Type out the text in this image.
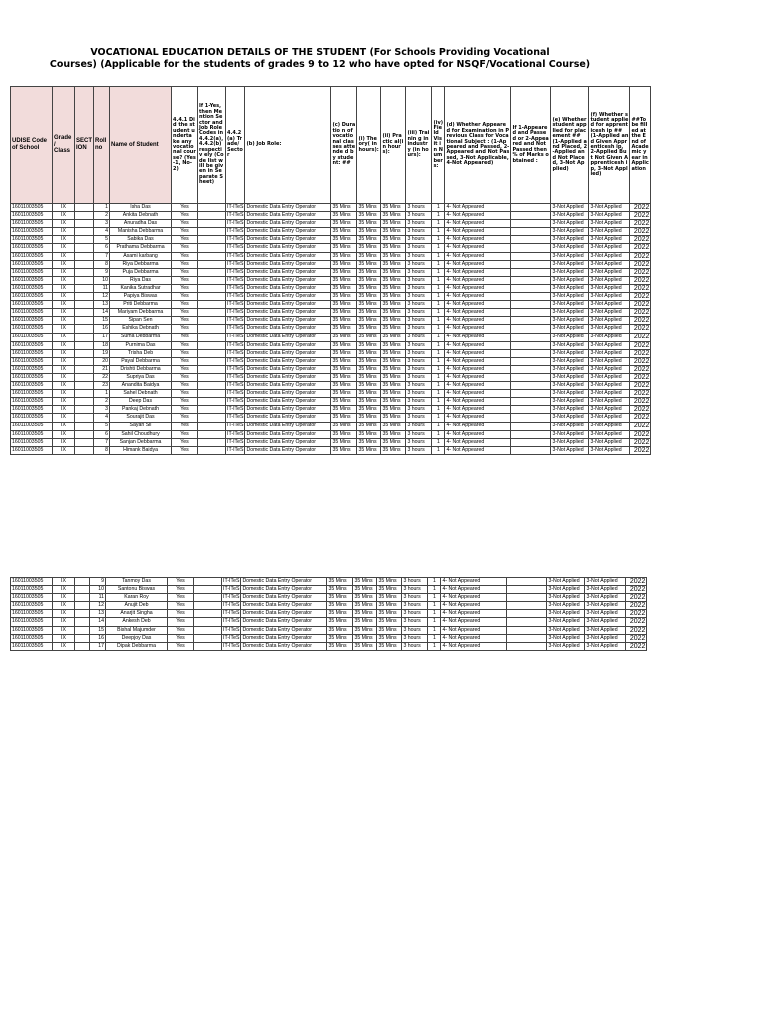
VOCATIONAL EDUCATION DETAILS OF THE STUDENT (For Schools Providing Vocational
Courses) (Applicable for the students of grades 9 to 12 who have opted for NSQF/Vocational Course)
UDISE Code of School	Grade / Class	SECT ION	Roll no	Name of Student	4.4.1 Did the student underta ke any vocatio nal course? (Yes-1, No-2)	If 1-Yes, then Mention Sector and Job Role Codes in 4.4.2(a), 4.4.2(b) respectiv ely (Code list will be given in Separate Sheet)	4.4.2 (a) Trade/ Sector	(b) Job Role:	(c) Duratio n of vocatio nal classes attende d by student: ##	(i) Theory( in hours):	(ii) Practic al(in hours):	(iii) Trainin g in industr y (in hours):	(iv) Field Visit in Num bers:	(d) Whether Appeared for Examination in Previous Class for Vocational Subject : (1-Appeared and Passed, 2-Appeared and Not Passed, 3-Not Applicable, 4-Not Appeared)	If 1-Appeared and Passed or 2-Appeared and Not Passed then % of Marks obtained :	(e) Whether student applied for placement ## (1-Applied and Placed, 2-Applied and Not Placed, 3-Not Applied)	(f) Whether student applied for apprenticesh ip ## (1-Applied and Given Apprenticesh ip, 2-Applied But Not Given Apprenticesh ip, 3-Not Applied)	##To be filled at the End of Academic year in Application
16011003505	IX		1	Isha Das	Yes		IT-ITeS	Domestic Data Entry Operator	35 Mins	35 Mins	35 Mins	3 hours	1	4- Not Appeared		3-Not Applied	3-Not Applied	2022
16011003505	IX		2	Ankita Debnath	Yes		IT-ITeS	Domestic Data Entry Operator	35 Mins	35 Mins	35 Mins	3 hours	1	4- Not Appeared		3-Not Applied	3-Not Applied	2022
16011003505	IX		3	Anuradha Das	Yes		IT-ITeS	Domestic Data Entry Operator	35 Mins	35 Mins	35 Mins	3 hours	1	4- Not Appeared		3-Not Applied	3-Not Applied	2022
16011003505	IX		4	Manisha Debbarma	Yes		IT-ITeS	Domestic Data Entry Operator	35 Mins	35 Mins	35 Mins	3 hours	1	4- Not Appeared		3-Not Applied	3-Not Applied	2022
16011003505	IX		5	Sabika Das	Yes		IT-ITeS	Domestic Data Entry Operator	35 Mins	35 Mins	35 Mins	3 hours	1	4- Not Appeared		3-Not Applied	3-Not Applied	2022
16011003505	IX		6	Prathama Debbarma	Yes		IT-ITeS	Domestic Data Entry Operator	35 Mins	35 Mins	35 Mins	3 hours	1	4- Not Appeared		3-Not Applied	3-Not Applied	2022
16011003505	IX		7	Asami karbang	Yes		IT-ITeS	Domestic Data Entry Operator	35 Mins	35 Mins	35 Mins	3 hours	1	4- Not Appeared		3-Not Applied	3-Not Applied	2022
16011003505	IX		8	Riya Debbarma	Yes		IT-ITeS	Domestic Data Entry Operator	35 Mins	35 Mins	35 Mins	3 hours	1	4- Not Appeared		3-Not Applied	3-Not Applied	2022
16011003505	IX		9	Puja Debbarma	Yes		IT-ITeS	Domestic Data Entry Operator	35 Mins	35 Mins	35 Mins	3 hours	1	4- Not Appeared		3-Not Applied	3-Not Applied	2022
16011003505	IX		10	Riya Das	Yes		IT-ITeS	Domestic Data Entry Operator	35 Mins	35 Mins	35 Mins	3 hours	1	4- Not Appeared		3-Not Applied	3-Not Applied	2022
16011003505	IX		11	Kanika Sutradhar	Yes		IT-ITeS	Domestic Data Entry Operator	35 Mins	35 Mins	35 Mins	3 hours	1	4- Not Appeared		3-Not Applied	3-Not Applied	2022
16011003505	IX		12	Papiya Biswas	Yes		IT-ITeS	Domestic Data Entry Operator	35 Mins	35 Mins	35 Mins	3 hours	1	4- Not Appeared		3-Not Applied	3-Not Applied	2022
16011003505	IX		13	Priti Debbarma	Yes		IT-ITeS	Domestic Data Entry Operator	35 Mins	35 Mins	35 Mins	3 hours	1	4- Not Appeared		3-Not Applied	3-Not Applied	2022
16011003505	IX		14	Mariyam Debbarma	Yes		IT-ITeS	Domestic Data Entry Operator	35 Mins	35 Mins	35 Mins	3 hours	1	4- Not Appeared		3-Not Applied	3-Not Applied	2022
16011003505	IX		15	Sipan Sen	Yes		IT-ITeS	Domestic Data Entry Operator	35 Mins	35 Mins	35 Mins	3 hours	1	4- Not Appeared		3-Not Applied	3-Not Applied	2022
16011003505	IX		16	Eshika Debnath	Yes		IT-ITeS	Domestic Data Entry Operator	35 Mins	35 Mins	35 Mins	3 hours	1	4- Not Appeared		3-Not Applied	3-Not Applied	2022
16011003505	IX		17	Suma Debbarma	Yes		IT-ITeS	Domestic Data Entry Operator	35 Mins	35 Mins	35 Mins	3 hours	1	4- Not Appeared		3-Not Applied	3-Not Applied	2022
16011003505	IX		18	Purnima Das	Yes		IT-ITeS	Domestic Data Entry Operator	35 Mins	35 Mins	35 Mins	3 hours	1	4- Not Appeared		3-Not Applied	3-Not Applied	2022
16011003505	IX		19	Trisha Deb	Yes		IT-ITeS	Domestic Data Entry Operator	35 Mins	35 Mins	35 Mins	3 hours	1	4- Not Appeared		3-Not Applied	3-Not Applied	2022
16011003505	IX		20	Payal Debbarma	Yes		IT-ITeS	Domestic Data Entry Operator	35 Mins	35 Mins	35 Mins	3 hours	1	4- Not Appeared		3-Not Applied	3-Not Applied	2022
16011003505	IX		21	Drishti Debbarma	Yes		IT-ITeS	Domestic Data Entry Operator	35 Mins	35 Mins	35 Mins	3 hours	1	4- Not Appeared		3-Not Applied	3-Not Applied	2022
16011003505	IX		22	Supriya Das	Yes		IT-ITeS	Domestic Data Entry Operator	35 Mins	35 Mins	35 Mins	3 hours	1	4- Not Appeared		3-Not Applied	3-Not Applied	2022
16011003505	IX		23	Anandita Baidya	Yes		IT-ITeS	Domestic Data Entry Operator	35 Mins	35 Mins	35 Mins	3 hours	1	4- Not Appeared		3-Not Applied	3-Not Applied	2022
16011003505	IX		1	Sahel Debnath	Yes		IT-ITeS	Domestic Data Entry Operator	35 Mins	35 Mins	35 Mins	3 hours	1	4- Not Appeared		3-Not Applied	3-Not Applied	2022
16011003505	IX		2	Deep Das	Yes		IT-ITeS	Domestic Data Entry Operator	35 Mins	35 Mins	35 Mins	3 hours	1	4- Not Appeared		3-Not Applied	3-Not Applied	2022
16011003505	IX		3	Pankaj Debnath	Yes		IT-ITeS	Domestic Data Entry Operator	35 Mins	35 Mins	35 Mins	3 hours	1	4- Not Appeared		3-Not Applied	3-Not Applied	2022
16011003505	IX		4	Sourajit Das	Yes		IT-ITeS	Domestic Data Entry Operator	35 Mins	35 Mins	35 Mins	3 hours	1	4- Not Appeared		3-Not Applied	3-Not Applied	2022
16011003505	IX		5	Sayan Sil	Yes		IT-ITeS	Domestic Data Entry Operator	35 Mins	35 Mins	35 Mins	3 hours	1	4- Not Appeared		3-Not Applied	3-Not Applied	2022
16011003505	IX		6	Sahil Choudhury	Yes		IT-ITeS	Domestic Data Entry Operator	35 Mins	35 Mins	35 Mins	3 hours	1	4- Not Appeared		3-Not Applied	3-Not Applied	2022
16011003505	IX		7	Sanjan Debbarma	Yes		IT-ITeS	Domestic Data Entry Operator	35 Mins	35 Mins	35 Mins	3 hours	1	4- Not Appeared		3-Not Applied	3-Not Applied	2022
16011003505	IX		8	Himank Baidya	Yes		IT-ITeS	Domestic Data Entry Operator	35 Mins	35 Mins	35 Mins	3 hours	1	4- Not Appeared		3-Not Applied	3-Not Applied	2022
16011003505	IX		9	Tanmoy Das	Yes		IT-ITeS	Domestic Data Entry Operator	35 Mins	35 Mins	35 Mins	3 hours	1	4- Not Appeared		3-Not Applied	3-Not Applied	2022
16011003505	IX		10	Santonu Biswas	Yes		IT-ITeS	Domestic Data Entry Operator	35 Mins	35 Mins	35 Mins	3 hours	1	4- Not Appeared		3-Not Applied	3-Not Applied	2022
16011003505	IX		11	Karan Roy	Yes		IT-ITeS	Domestic Data Entry Operator	35 Mins	35 Mins	35 Mins	3 hours	1	4- Not Appeared		3-Not Applied	3-Not Applied	2022
16011003505	IX		12	Anujit Deb	Yes		IT-ITeS	Domestic Data Entry Operator	35 Mins	35 Mins	35 Mins	3 hours	1	4- Not Appeared		3-Not Applied	3-Not Applied	2022
16011003505	IX		13	Anarjit Singha	Yes		IT-ITeS	Domestic Data Entry Operator	35 Mins	35 Mins	35 Mins	3 hours	1	4- Not Appeared		3-Not Applied	3-Not Applied	2022
16011003505	IX		14	Ankesh Deb	Yes		IT-ITeS	Domestic Data Entry Operator	35 Mins	35 Mins	35 Mins	3 hours	1	4- Not Appeared		3-Not Applied	3-Not Applied	2022
16011003505	IX		15	Bishal Majumder	Yes		IT-ITeS	Domestic Data Entry Operator	35 Mins	35 Mins	35 Mins	3 hours	1	4- Not Appeared		3-Not Applied	3-Not Applied	2022
16011003505	IX		16	Deepjoy Das	Yes		IT-ITeS	Domestic Data Entry Operator	35 Mins	35 Mins	35 Mins	3 hours	1	4- Not Appeared		3-Not Applied	3-Not Applied	2022
16011003505	IX		17	Dipak Debbarma	Yes		IT-ITeS	Domestic Data Entry Operator	35 Mins	35 Mins	35 Mins	3 hours	1	4- Not Appeared		3-Not Applied	3-Not Applied	2022
